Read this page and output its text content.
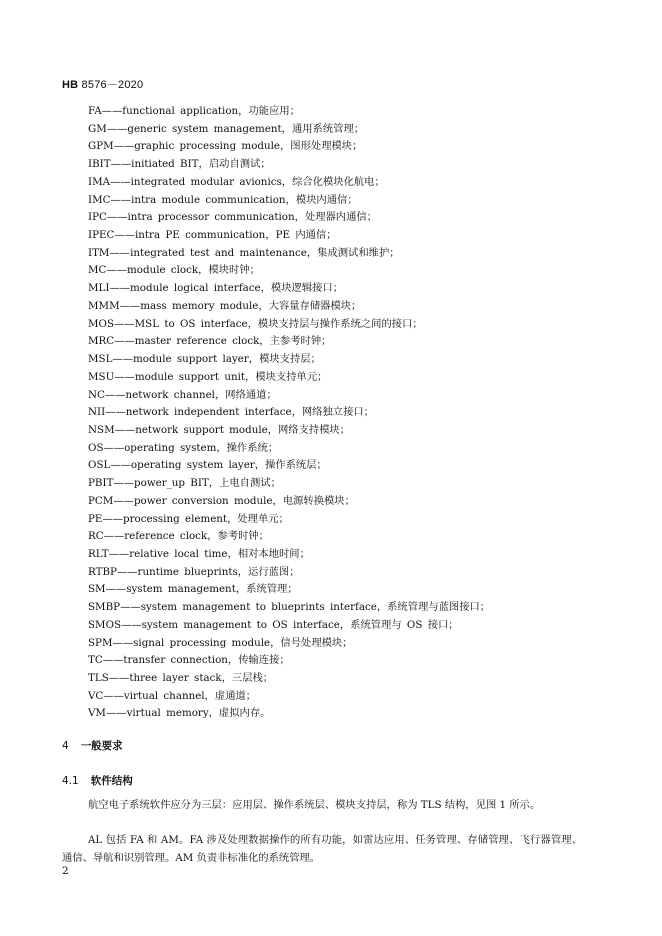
HB 8576－2020
FA——functional application，功能应用；
GM——generic system management，通用系统管理；
GPM——graphic processing module，图形处理模块；
IBIT——initiated BIT，启动自测试；
IMA——integrated modular avionics，综合化模块化航电；
IMC——intra module communication，模块内通信；
IPC——intra processor communication，处理器内通信；
IPEC——intra PE communication，PE 内通信；
ITM——integrated test and maintenance，集成测试和维护；
MC——module clock，模块时钟；
MLI——module logical interface，模块逻辑接口；
MMM——mass memory module，大容量存储器模块；
MOS——MSL to OS interface，模块支持层与操作系统之间的接口；
MRC——master reference clock，主参考时钟；
MSL——module support layer，模块支持层；
MSU——module support unit，模块支持单元；
NC——network channel，网络通道；
NII——network independent interface，网络独立接口；
NSM——network support module，网络支持模块；
OS——operating system，操作系统；
OSL——operating system layer，操作系统层；
PBIT——power_up BIT，上电自测试；
PCM——power conversion module，电源转换模块；
PE——processing element，处理单元；
RC——reference clock，参考时钟；
RLT——relative local time，相对本地时间；
RTBP——runtime blueprints，运行蓝图；
SM——system management，系统管理；
SMBP——system management to blueprints interface，系统管理与蓝图接口；
SMOS——system management to OS interface，系统管理与 OS 接口；
SPM——signal processing module，信号处理模块；
TC——transfer connection，传输连接；
TLS——three layer stack，三层栈；
VC——virtual channel，虚通道；
VM——virtual memory，虚拟内存。
4 一般要求
4.1 软件结构

航空电子系统软件应分为三层：应用层、操作系统层、模块支持层，称为 TLS 结构，见图 1 所示。

AL 包括 FA 和 AM。FA 涉及处理数据操作的所有功能，如雷达应用、任务管理、存储管理、飞行器管理、通信、导航和识别管理。AM 负责非标准化的系统管理。

2
